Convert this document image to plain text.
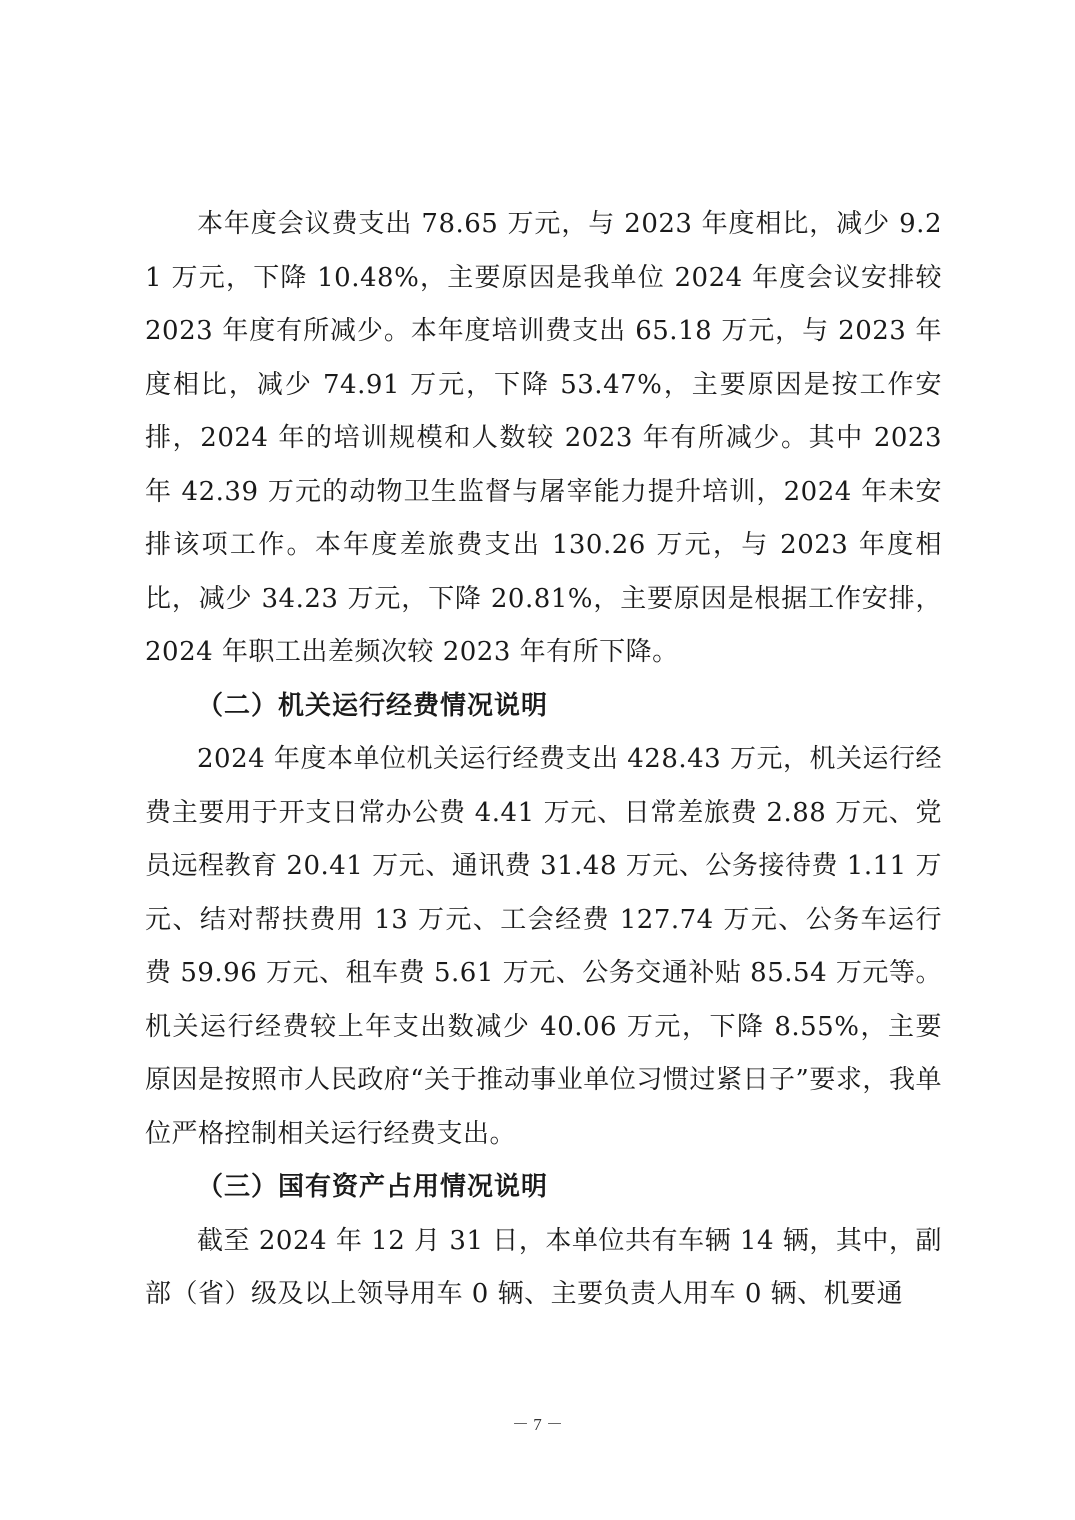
本年度会议费支出 78.65 万元，与 2023 年度相比，减少 9.21 万元，下降 10.48%，主要原因是我单位 2024 年度会议安排较 2023 年度有所减少。本年度培训费支出 65.18 万元，与 2023 年度相比，减少 74.91 万元，下降 53.47%，主要原因是按工作安排，2024 年的培训规模和人数较 2023 年有所减少。其中 2023 年 42.39 万元的动物卫生监督与屠宰能力提升培训，2024 年未安排该项工作。本年度差旅费支出 130.26 万元，与 2023 年度相比，减少 34.23 万元，下降 20.81%，主要原因是根据工作安排，2024 年职工出差频次较 2023 年有所下降。

（二）机关运行经费情况说明

2024 年度本单位机关运行经费支出 428.43 万元，机关运行经费主要用于开支日常办公费 4.41 万元、日常差旅费 2.88 万元、党员远程教育 20.41 万元、通讯费 31.48 万元、公务接待费 1.11 万元、结对帮扶费用 13 万元、工会经费 127.74 万元、公务车运行费 59.96 万元、租车费 5.61 万元、公务交通补贴 85.54 万元等。机关运行经费较上年支出数减少 40.06 万元，下降 8.55%，主要原因是按照市人民政府“关于推动事业单位习惯过紧日子”要求，我单位严格控制相关运行经费支出。

（三）国有资产占用情况说明

截至 2024 年 12 月 31 日，本单位共有车辆 14 辆，其中，副部（省）级及以上领导用车 0 辆、主要负责人用车 0 辆、机要通

－ 7 －
